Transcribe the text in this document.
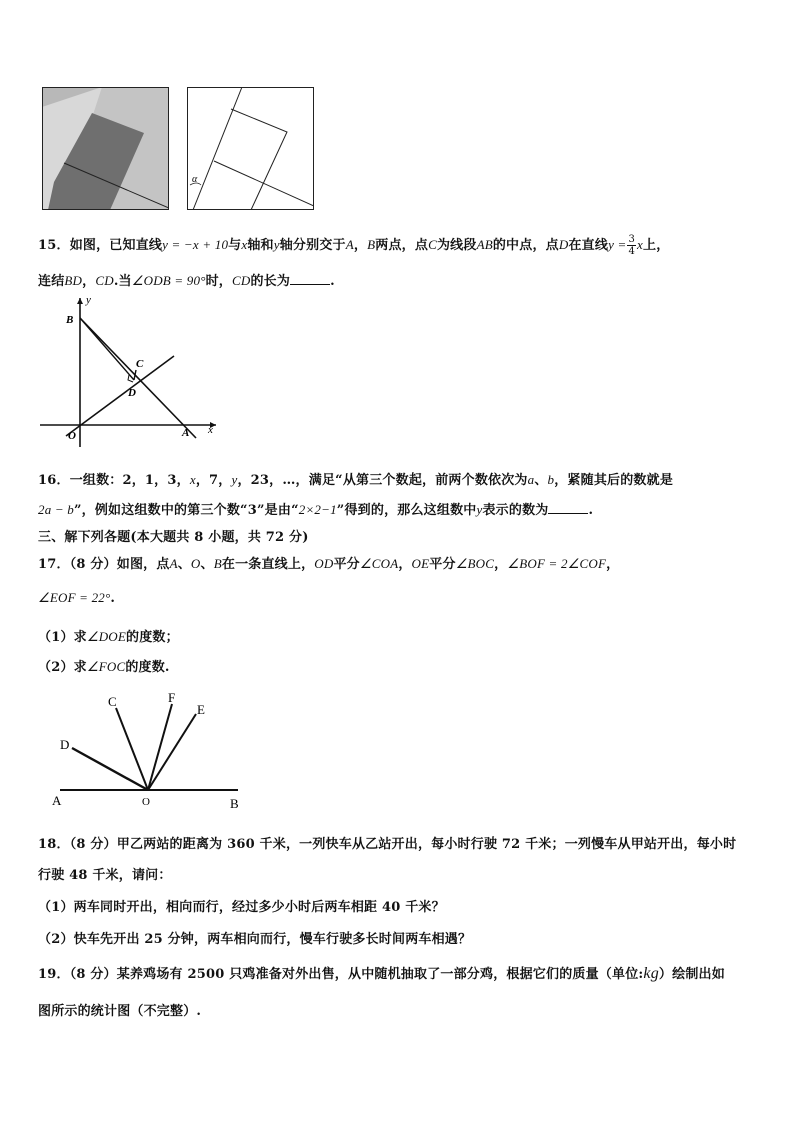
α
15．如图，已知直线y = −x + 10与x轴和y轴分别交于A，B两点，点C为线段AB的中点，点D在直线$y = \frac{3}{4}$ x上，
连结BD，CD.当∠ODB = 90°时，CD的长为	.
y
B
C
D
O	A x
16．一组数：2，1，3，x，7，y，23，…，满足“从第三个数起，前两个数依次为a、b，紧随其后的数就是
2a − b”，例如这组数中的第三个数“3”是由“2×2−1”得到的，那么这组数中y表示的数为	.
三、解下列各题(本大题共 8 小题，共 72 分)
17．（8 分）如图，点A、O、B在一条直线上，OD平分∠COA，OE平分∠BOC，∠BOF = 2∠COF，
∠EOF = 22°.
（1）求∠DOE的度数；
（2）求∠FOC的度数.
C	F
E
D
A	O	B
18．（8 分）甲乙两站的距离为 360 千米，一列快车从乙站开出，每小时行驶 72 千米；一列慢车从甲站开出，每小时
行驶 48 千米，请问：
（1）两车同时开出，相向而行，经过多少小时后两车相距 40 千米？
（2）快车先开出 25 分钟，两车相向而行，慢车行驶多长时间两车相遇？
19．（8 分）某养鸡场有 2500 只鸡准备对外出售，从中随机抽取了一部分鸡，根据它们的质量（单位:kg）绘制出如
图所示的统计图（不完整）.
